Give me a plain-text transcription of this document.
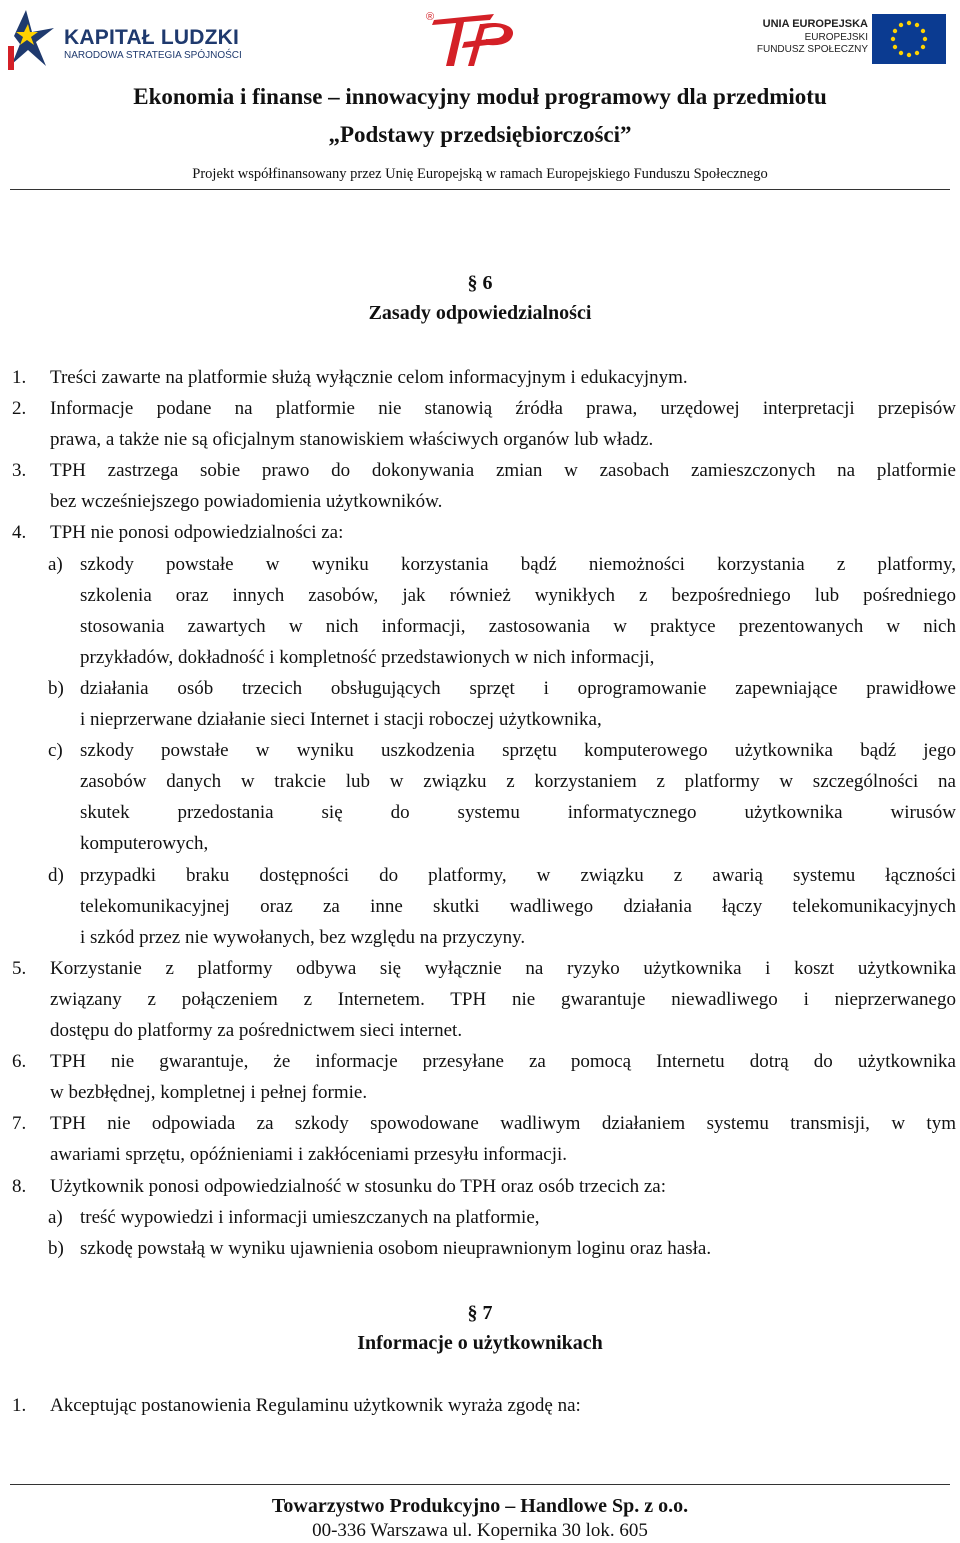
KAPITAŁ LUDZKI
NARODOWA STRATEGIA SPÓJNOŚCI
®
TPH
UNIA EUROPEJSKA
EUROPEJSKI
FUNDUSZ SPOŁECZNY
Ekonomia i finanse – innowacyjny moduł programowy dla przedmiotu
„Podstawy przedsiębiorczości”
Projekt współfinansowany przez Unię Europejską w ramach Europejskiego Funduszu Społecznego
§ 6
Zasady odpowiedzialności
1. Treści zawarte na platformie służą wyłącznie celom informacyjnym i edukacyjnym.
2. Informacje podane na platformie nie stanowią źródła prawa, urzędowej interpretacji przepisów
prawa, a także nie są oficjalnym stanowiskiem właściwych organów lub władz.
3. TPH zastrzega sobie prawo do dokonywania zmian w zasobach zamieszczonych na platformie
bez wcześniejszego powiadomienia użytkowników.
4. TPH nie ponosi odpowiedzialności za:
a) szkody powstałe w wyniku korzystania bądź niemożności korzystania z platformy,
szkolenia oraz innych zasobów, jak również wynikłych z bezpośredniego lub pośredniego
stosowania zawartych w nich informacji, zastosowania w praktyce prezentowanych w nich
przykładów, dokładność i kompletność przedstawionych w nich informacji,
b) działania osób trzecich obsługujących sprzęt i oprogramowanie zapewniające prawidłowe
i nieprzerwane działanie sieci Internet i stacji roboczej użytkownika,
c) szkody powstałe w wyniku uszkodzenia sprzętu komputerowego użytkownika bądź jego
zasobów danych w trakcie lub w związku z korzystaniem z platformy w szczególności na
skutek przedostania się do systemu informatycznego użytkownika wirusów
komputerowych,
d) przypadki braku dostępności do platformy, w związku z awarią systemu łączności
telekomunikacyjnej oraz za inne skutki wadliwego działania łączy telekomunikacyjnych
i szkód przez nie wywołanych, bez względu na przyczyny.
5. Korzystanie z platformy odbywa się wyłącznie na ryzyko użytkownika i koszt użytkownika
związany z połączeniem z Internetem. TPH nie gwarantuje niewadliwego i nieprzerwanego
dostępu do platformy za pośrednictwem sieci internet.
6. TPH nie gwarantuje, że informacje przesyłane za pomocą Internetu dotrą do użytkownika
w bezbłędnej, kompletnej i pełnej formie.
7. TPH nie odpowiada za szkody spowodowane wadliwym działaniem systemu transmisji, w tym
awariami sprzętu, opóźnieniami i zakłóceniami przesyłu informacji.
8. Użytkownik ponosi odpowiedzialność w stosunku do TPH oraz osób trzecich za:
a) treść wypowiedzi i informacji umieszczanych na platformie,
b) szkodę powstałą w wyniku ujawnienia osobom nieuprawnionym loginu oraz hasła.
§ 7
Informacje o użytkownikach
1. Akceptując postanowienia Regulaminu użytkownik wyraża zgodę na:
Towarzystwo Produkcyjno – Handlowe Sp. z o.o.
00-336 Warszawa ul. Kopernika 30 lok. 605
